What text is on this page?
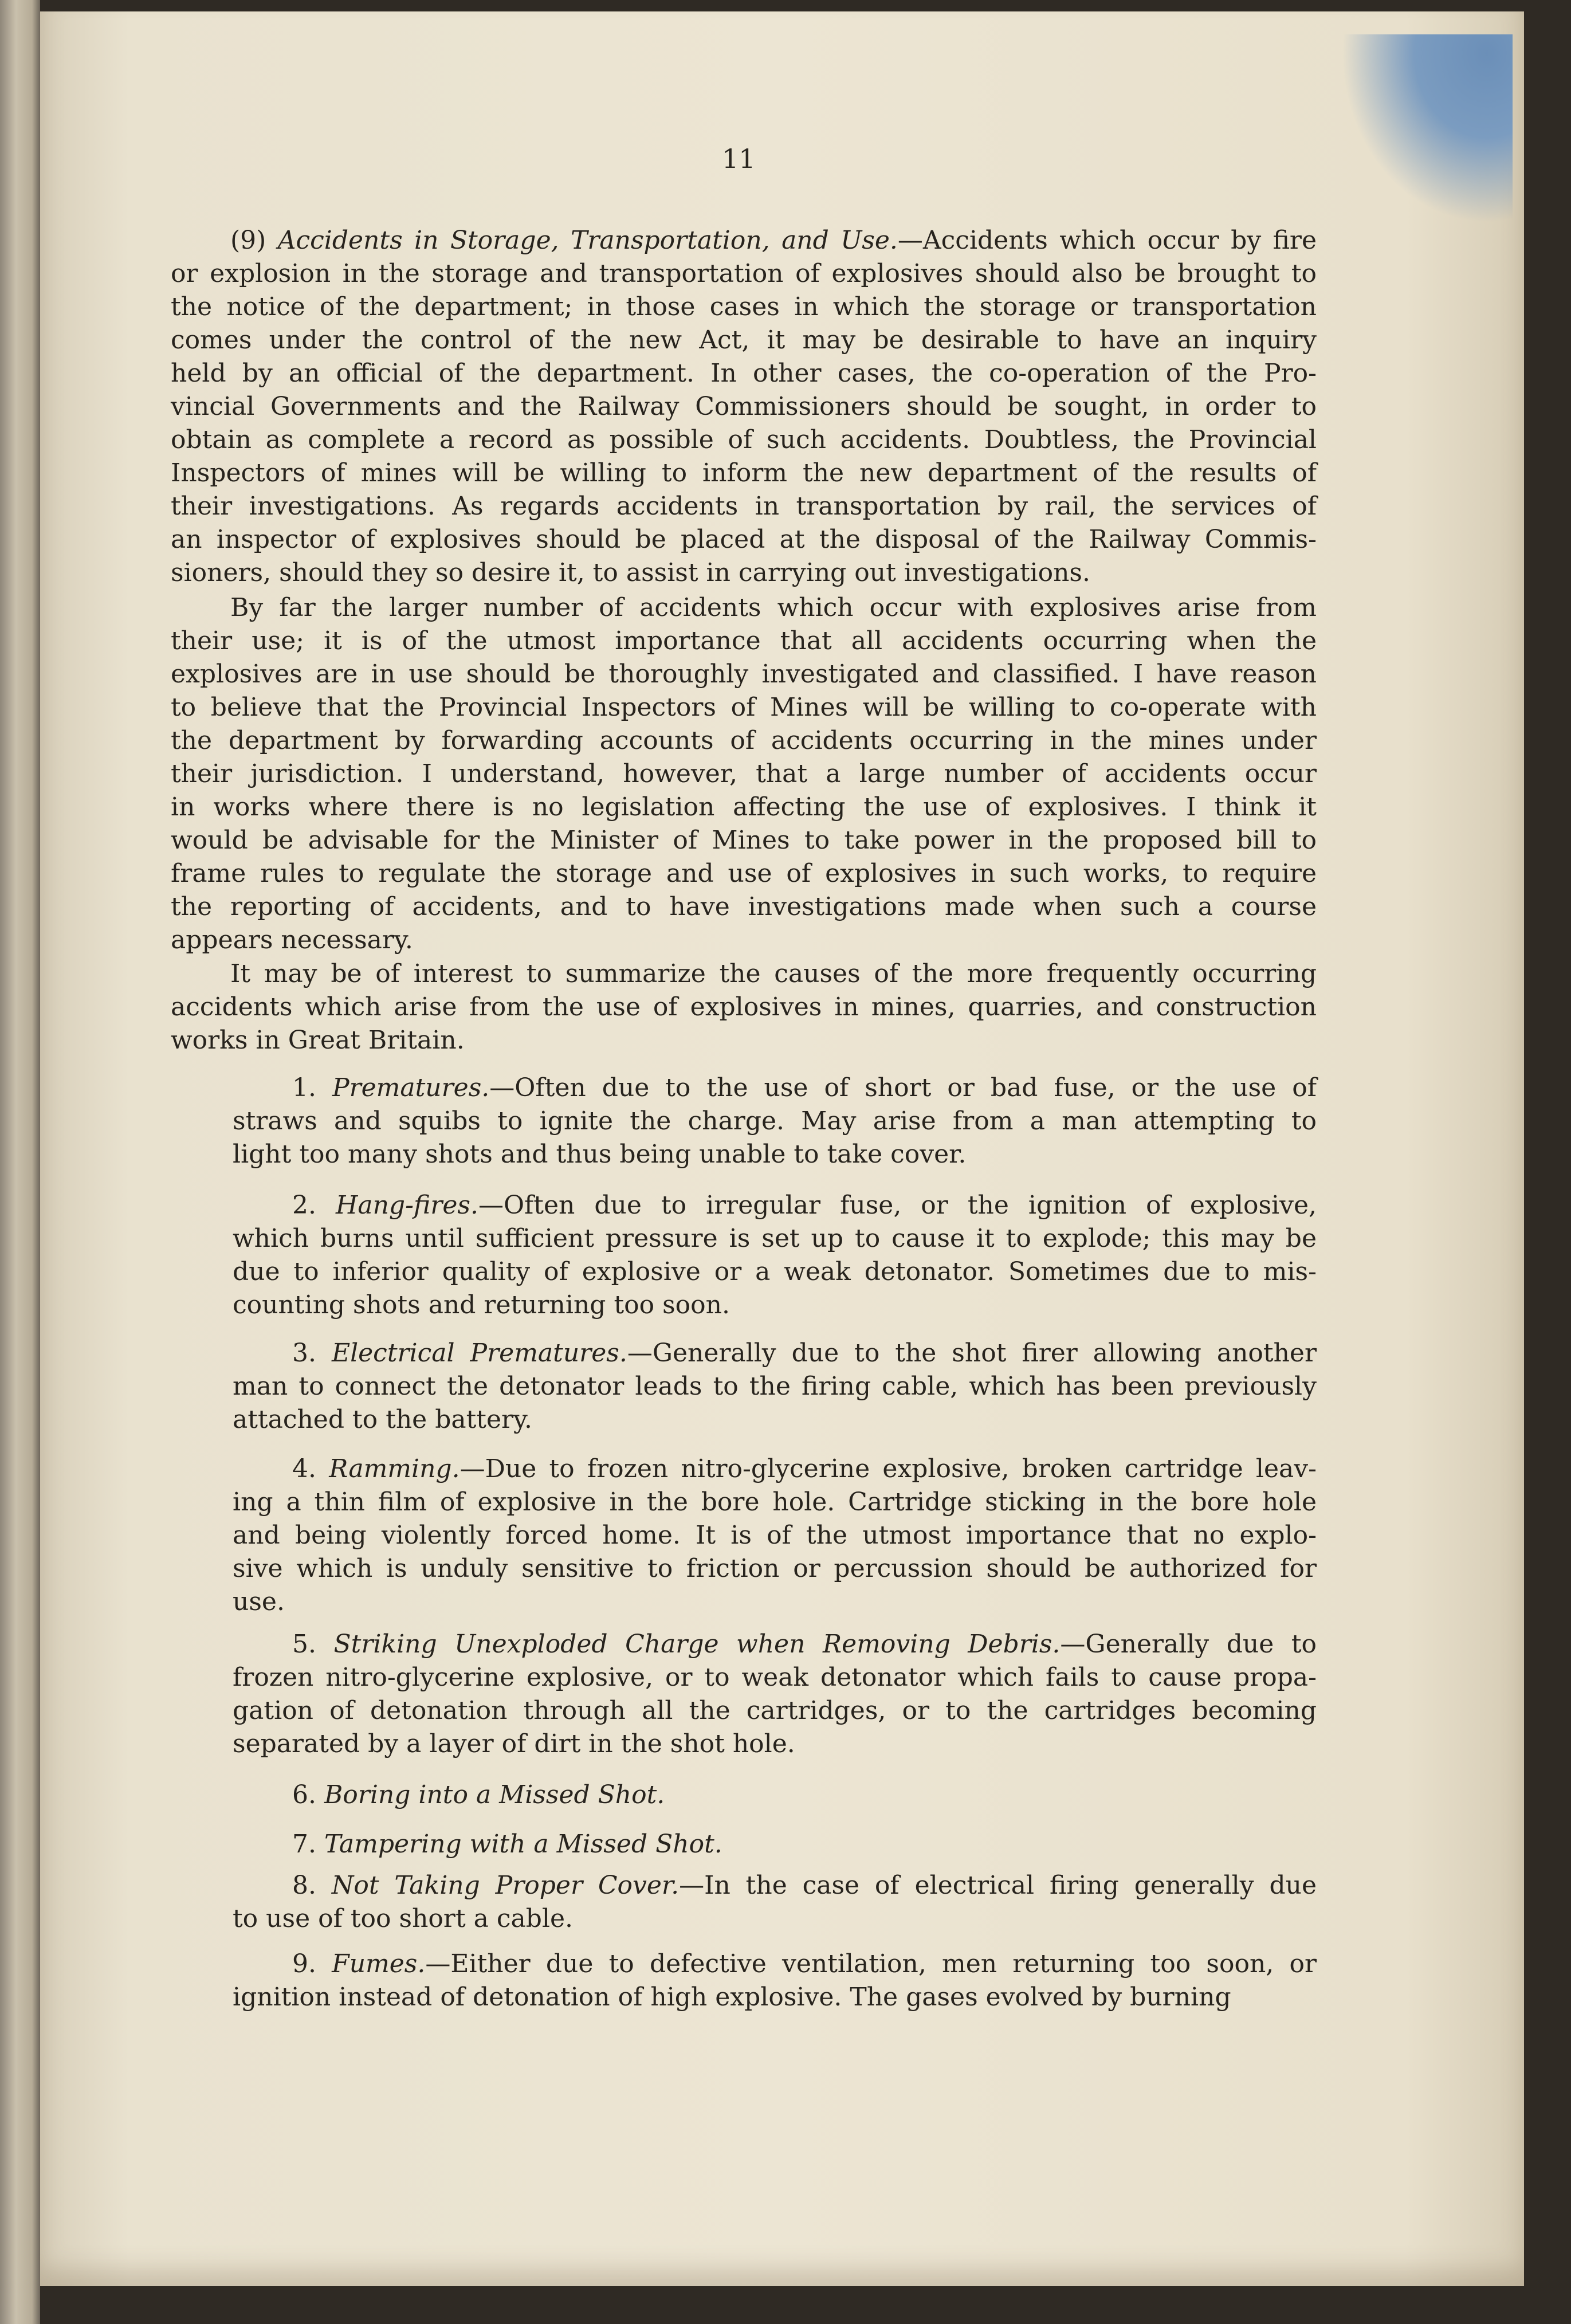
11
(9) Accidents in Storage, Transportation, and Use.—Accidents which occur by fire
or explosion in the storage and transportation of explosives should also be brought to
the notice of the department; in those cases in which the storage or transportation
comes under the control of the new Act, it may be desirable to have an inquiry
held by an official of the department. In other cases, the co-operation of the Pro-
vincial Governments and the Railway Commissioners should be sought, in order to
obtain as complete a record as possible of such accidents. Doubtless, the Provincial
Inspectors of mines will be willing to inform the new department of the results of
their investigations. As regards accidents in transportation by rail, the services of
an inspector of explosives should be placed at the disposal of the Railway Commis-
sioners, should they so desire it, to assist in carrying out investigations.
By far the larger number of accidents which occur with explosives arise from
their use; it is of the utmost importance that all accidents occurring when the
explosives are in use should be thoroughly investigated and classified. I have reason
to believe that the Provincial Inspectors of Mines will be willing to co-operate with
the department by forwarding accounts of accidents occurring in the mines under
their jurisdiction. I understand, however, that a large number of accidents occur
in works where there is no legislation affecting the use of explosives. I think it
would be advisable for the Minister of Mines to take power in the proposed bill to
frame rules to regulate the storage and use of explosives in such works, to require
the reporting of accidents, and to have investigations made when such a course
appears necessary.
It may be of interest to summarize the causes of the more frequently occurring
accidents which arise from the use of explosives in mines, quarries, and construction
works in Great Britain.
1. Prematures.—Often due to the use of short or bad fuse, or the use of
straws and squibs to ignite the charge. May arise from a man attempting to
light too many shots and thus being unable to take cover.
2. Hang-fires.—Often due to irregular fuse, or the ignition of explosive,
which burns until sufficient pressure is set up to cause it to explode; this may be
due to inferior quality of explosive or a weak detonator. Sometimes due to mis-
counting shots and returning too soon.
3. Electrical Prematures.—Generally due to the shot firer allowing another
man to connect the detonator leads to the firing cable, which has been previously
attached to the battery.
4. Ramming.—Due to frozen nitro-glycerine explosive, broken cartridge leav-
ing a thin film of explosive in the bore hole. Cartridge sticking in the bore hole
and being violently forced home. It is of the utmost importance that no explo-
sive which is unduly sensitive to friction or percussion should be authorized for
use.
5. Striking Unexploded Charge when Removing Debris.—Generally due to
frozen nitro-glycerine explosive, or to weak detonator which fails to cause propa-
gation of detonation through all the cartridges, or to the cartridges becoming
separated by a layer of dirt in the shot hole.
6. Boring into a Missed Shot.
7. Tampering with a Missed Shot.
8. Not Taking Proper Cover.—In the case of electrical firing generally due
to use of too short a cable.
9. Fumes.—Either due to defective ventilation, men returning too soon, or
ignition instead of detonation of high explosive. The gases evolved by burning
